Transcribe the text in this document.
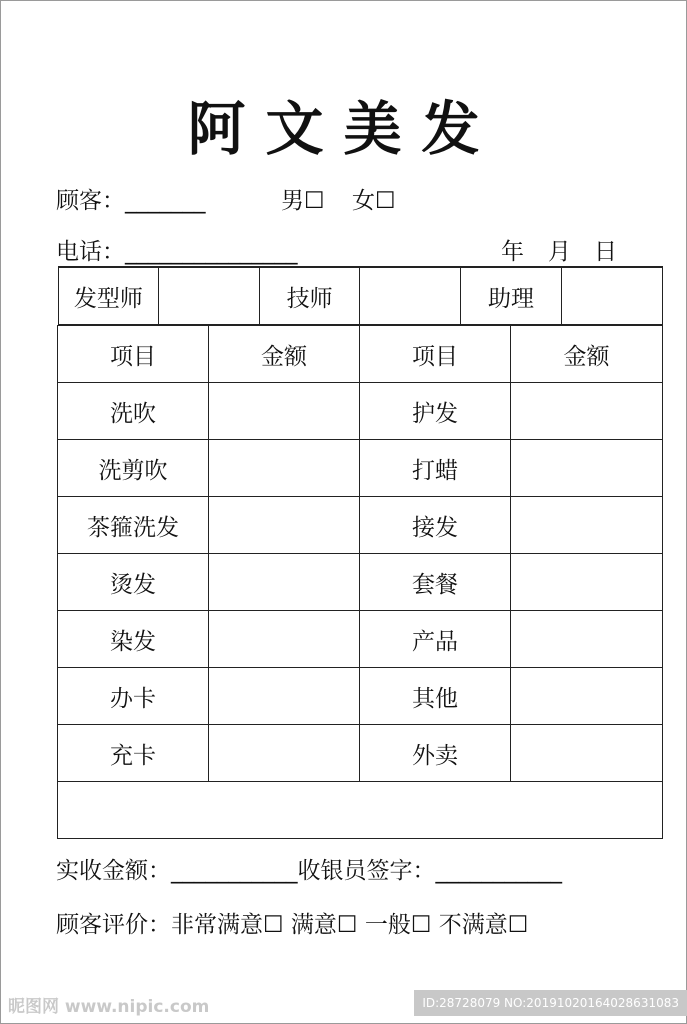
阿文美发
顾客：_______	男☐ 女☐
电话：_______________	年 月 日
发型师		技师		助理	

项目	金额	项目	金额
洗吹		护发	
洗剪吹		打蜡	
茶箍洗发		接发	
烫发		套餐	
染发		产品	
办卡		其他	
充卡		外卖	

实收金额：___________收银员签字：___________
顾客评价：非常满意☐ 满意☐ 一般☐ 不满意☐
昵图网 www.nipic.com	ID:28728079 NO:20191020164028631083
